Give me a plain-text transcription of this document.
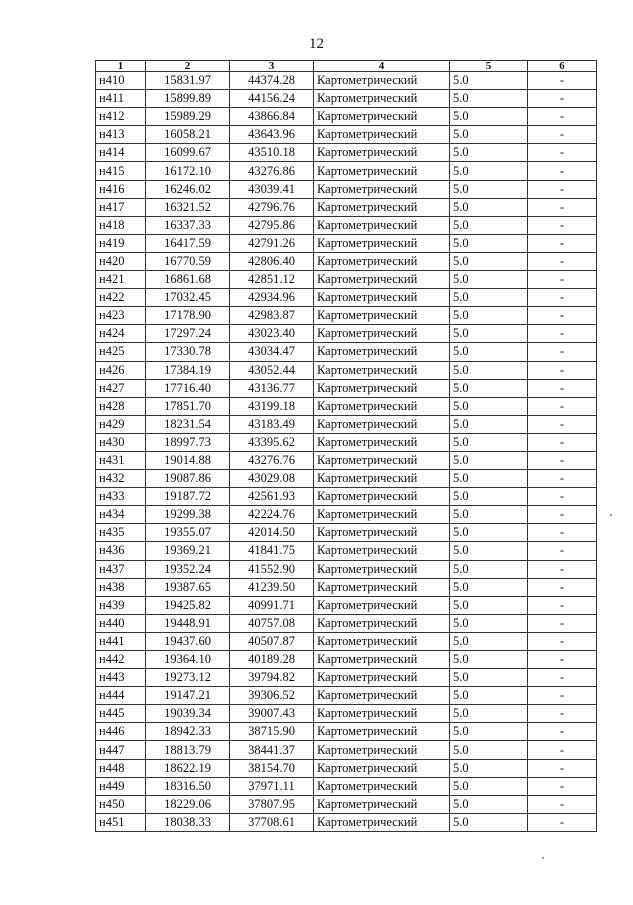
12
1	2	3	4	5	6
н410	15831.97	44374.28	Картометрический	5.0	-
н411	15899.89	44156.24	Картометрический	5.0	-
н412	15989.29	43866.84	Картометрический	5.0	-
н413	16058.21	43643.96	Картометрический	5.0	-
н414	16099.67	43510.18	Картометрический	5.0	-
н415	16172.10	43276.86	Картометрический	5.0	-
н416	16246.02	43039.41	Картометрический	5.0	-
н417	16321.52	42796.76	Картометрический	5.0	-
н418	16337.33	42795.86	Картометрический	5.0	-
н419	16417.59	42791.26	Картометрический	5.0	-
н420	16770.59	42806.40	Картометрический	5.0	-
н421	16861.68	42851.12	Картометрический	5.0	-
н422	17032.45	42934.96	Картометрический	5.0	-
н423	17178.90	42983.87	Картометрический	5.0	-
н424	17297.24	43023.40	Картометрический	5.0	-
н425	17330.78	43034.47	Картометрический	5.0	-
н426	17384.19	43052.44	Картометрический	5.0	-
н427	17716.40	43136.77	Картометрический	5.0	-
н428	17851.70	43199.18	Картометрический	5.0	-
н429	18231.54	43183.49	Картометрический	5.0	-
н430	18997.73	43395.62	Картометрический	5.0	-
н431	19014.88	43276.76	Картометрический	5.0	-
н432	19087.86	43029.08	Картометрический	5.0	-
н433	19187.72	42561.93	Картометрический	5.0	-
н434	19299.38	42224.76	Картометрический	5.0	-
н435	19355.07	42014.50	Картометрический	5.0	-
н436	19369.21	41841.75	Картометрический	5.0	-
н437	19352.24	41552.90	Картометрический	5.0	-
н438	19387.65	41239.50	Картометрический	5.0	-
н439	19425.82	40991.71	Картометрический	5.0	-
н440	19448.91	40757.08	Картометрический	5.0	-
н441	19437.60	40507.87	Картометрический	5.0	-
н442	19364.10	40189.28	Картометрический	5.0	-
н443	19273.12	39794.82	Картометрический	5.0	-
н444	19147.21	39306.52	Картометрический	5.0	-
н445	19039.34	39007.43	Картометрический	5.0	-
н446	18942.33	38715.90	Картометрический	5.0	-
н447	18813.79	38441.37	Картометрический	5.0	-
н448	18622.19	38154.70	Картометрический	5.0	-
н449	18316.50	37971.11	Картометрический	5.0	-
н450	18229.06	37807.95	Картометрический	5.0	-
н451	18038.33	37708.61	Картометрический	5.0	-
